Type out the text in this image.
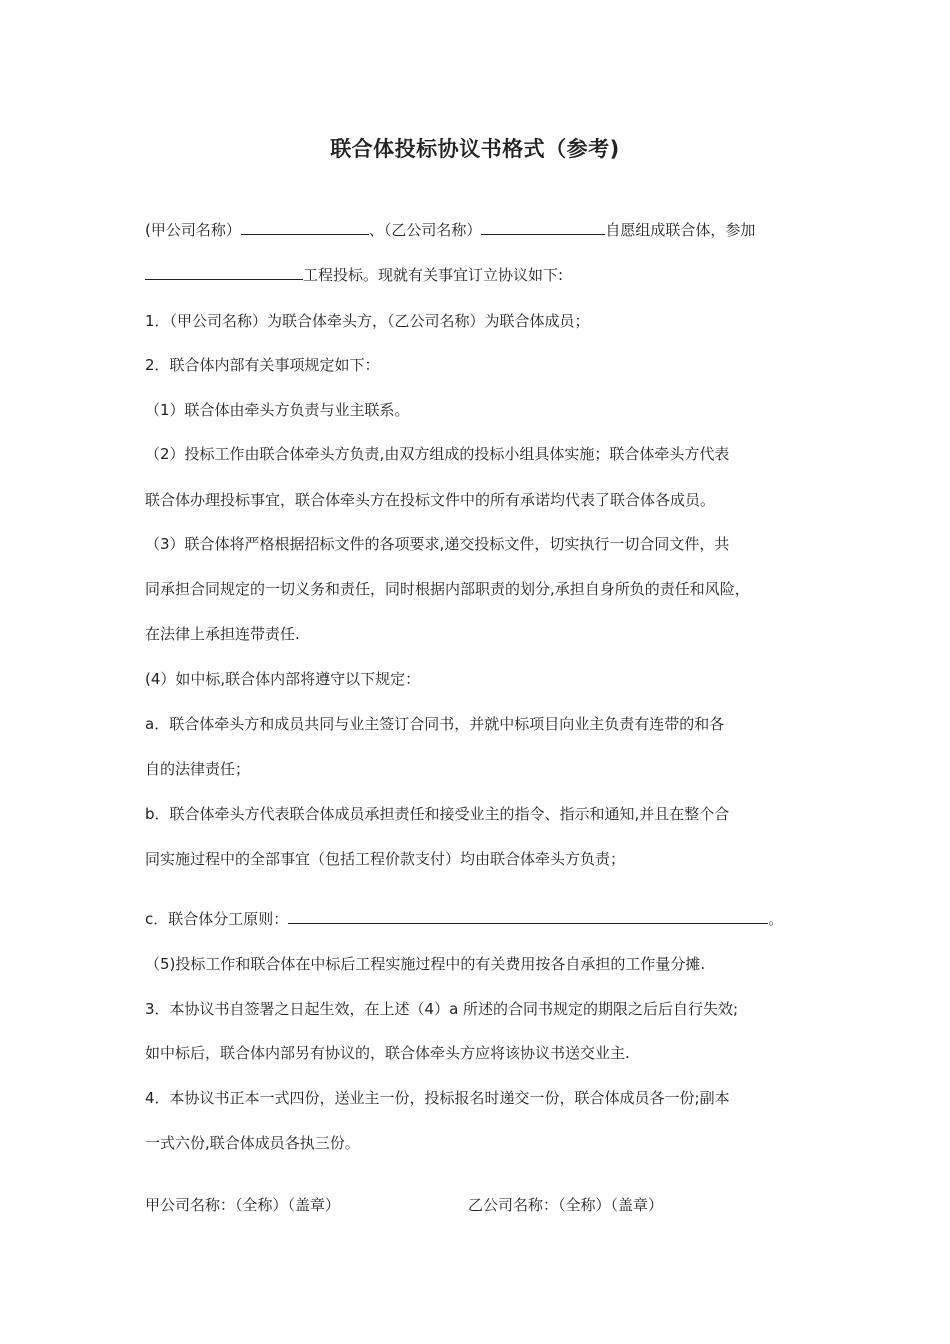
联合体投标协议书格式（参考)
(甲公司名称）	、（乙公司名称）	自愿组成联合体，参加
工程投标。现就有关事宜订立协议如下:
1．（甲公司名称）为联合体牵头方，（乙公司名称）为联合体成员；
2．联合体内部有关事项规定如下：
（1）联合体由牵头方负责与业主联系。
（2）投标工作由联合体牵头方负责,由双方组成的投标小组具体实施；联合体牵头方代表
联合体办理投标事宜，联合体牵头方在投标文件中的所有承诺均代表了联合体各成员。
（3）联合体将严格根据招标文件的各项要求,递交投标文件，切实执行一切合同文件，共
同承担合同规定的一切义务和责任，同时根据内部职责的划分,承担自身所负的责任和风险，
在法律上承担连带责任.
(4）如中标,联合体内部将遵守以下规定：
a．联合体牵头方和成员共同与业主签订合同书，并就中标项目向业主负责有连带的和各
自的法律责任；
b．联合体牵头方代表联合体成员承担责任和接受业主的指令、指示和通知,并且在整个合
同实施过程中的全部事宜（包括工程价款支付）均由联合体牵头方负责；
c．联合体分工原则：	。
（5)投标工作和联合体在中标后工程实施过程中的有关费用按各自承担的工作量分摊.
3．本协议书自签署之日起生效，在上述（4）a 所述的合同书规定的期限之后后自行失效;
如中标后，联合体内部另有协议的，联合体牵头方应将该协议书送交业主.
4．本协议书正本一式四份，送业主一份，投标报名时递交一份，联合体成员各一份;副本
一式六份,联合体成员各执三份。
甲公司名称：（全称）（盖章）	乙公司名称：（全称）（盖章）
